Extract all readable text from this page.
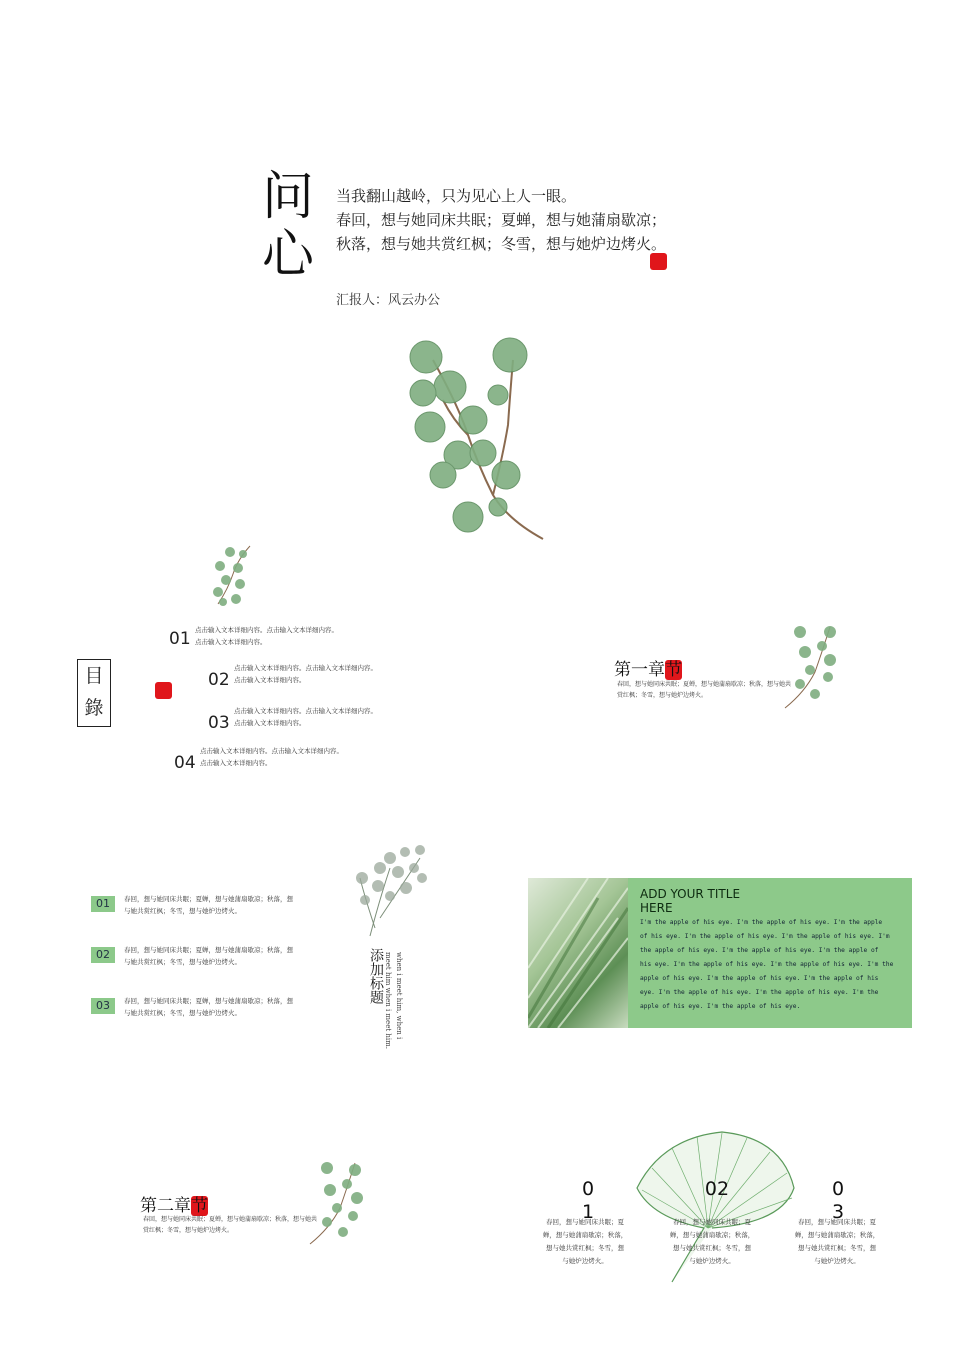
问
心
当我翻山越岭，只为见心上人一眼。
春回，想与她同床共眠；夏蝉，想与她蒲扇歇凉；
秋落，想与她共赏红枫；冬雪，想与她炉边烤火。
汇报人：风云办公
目
錄
01 点击输入文本详细内容。点击输入文本详细内容。
点击输入文本详细内容。
02
点击输入文本详细内容。点击输入文本详细内容。
点击输入文本详细内容。
03
点击输入文本详细内容。点击输入文本详细内容。
点击输入文本详细内容。
04
点击输入文本详细内容。点击输入文本详细内容。
点击输入文本详细内容。
第一章节
春回，想与她同床共眠；夏蝉，想与她蒲扇歇凉；秋落，想与她共
赏红枫；冬雪，想与她炉边烤火。
01	春回，想与她同床共眠；夏蝉，想与她蒲扇歇凉；秋落，想
与她共赏红枫；冬雪，想与她炉边烤火。
02	春回，想与她同床共眠；夏蝉，想与她蒲扇歇凉；秋落，想
与她共赏红枫；冬雪，想与她炉边烤火。
03	春回，想与她同床共眠；夏蝉，想与她蒲扇歇凉；秋落，想
与她共赏红枫；冬雪，想与她炉边烤火。
添加标题	when i meet him, when i
meet him when i meet him.
ADD YOUR TITLE
HERE
I'm the apple of his eye. I'm the apple of his eye. I'm the apple
of his eye. I'm the apple of his eye. I'm the apple of his eye. I'm
the apple of his eye. I'm the apple of his eye. I'm the apple of
his eye. I'm the apple of his eye. I'm the apple of his eye. I'm the
apple of his eye. I'm the apple of his eye. I'm the apple of his
eye. I'm the apple of his eye. I'm the apple of his eye. I'm the
apple of his eye. I'm the apple of his eye.
第二章节
春回，想与她同床共眠；夏蝉，想与她蒲扇歇凉；秋落，想与她共
赏红枫；冬雪，想与她炉边烤火。
0
1
春回，想与她同床共眠；夏
蝉，想与她蒲扇歇凉；秋落，
想与她共赏红枫；冬雪，想
与她炉边烤火。
02
春回，想与她同床共眠；夏
蝉，想与她蒲扇歇凉；秋落，
想与她共赏红枫；冬雪，想
与她炉边烤火。
0
3
春回，想与她同床共眠；夏
蝉，想与她蒲扇歇凉；秋落，
想与她共赏红枫；冬雪，想
与她炉边烤火。
